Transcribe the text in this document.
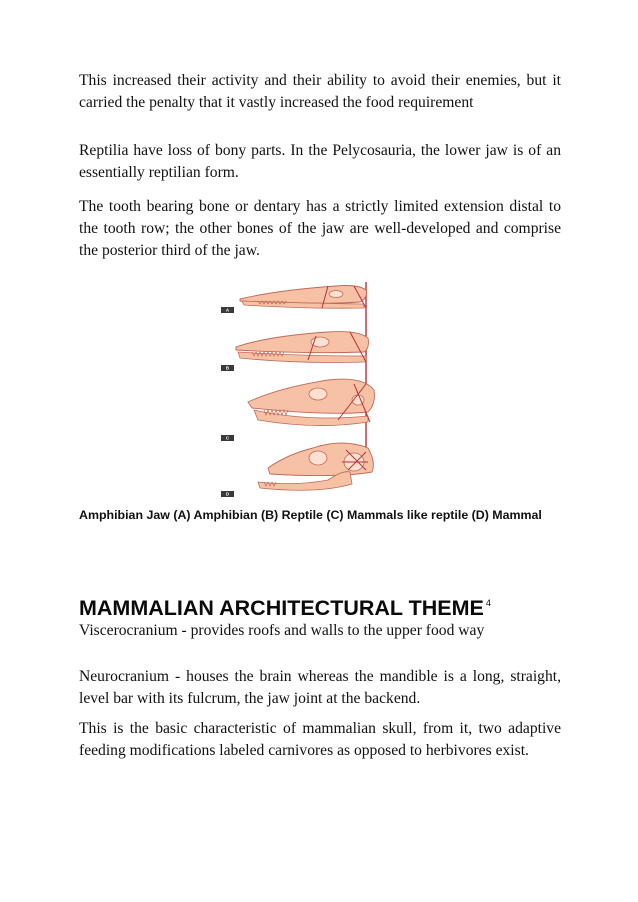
This increased their activity and their ability to avoid their enemies, but it carried the penalty that it vastly increased the food requirement

Reptilia have loss of bony parts. In the Pelycosauria, the lower jaw is of an essentially reptilian form.

The tooth bearing bone or dentary has a strictly limited extension distal to the tooth row; the other bones of the jaw are well-developed and comprise the posterior third of the jaw.

A
B
C
D

Amphibian Jaw (A) Amphibian (B) Reptile (C) Mammals like reptile (D) Mammal

MAMMALIAN ARCHITECTURAL THEME $^4$

Viscerocranium - provides roofs and walls to the upper food way

Neurocranium - houses the brain whereas the mandible is a long, straight, level bar with its fulcrum, the jaw joint at the backend.

This is the basic characteristic of mammalian skull, from it, two adaptive feeding modifications labeled carnivores as opposed to herbivores exist.
